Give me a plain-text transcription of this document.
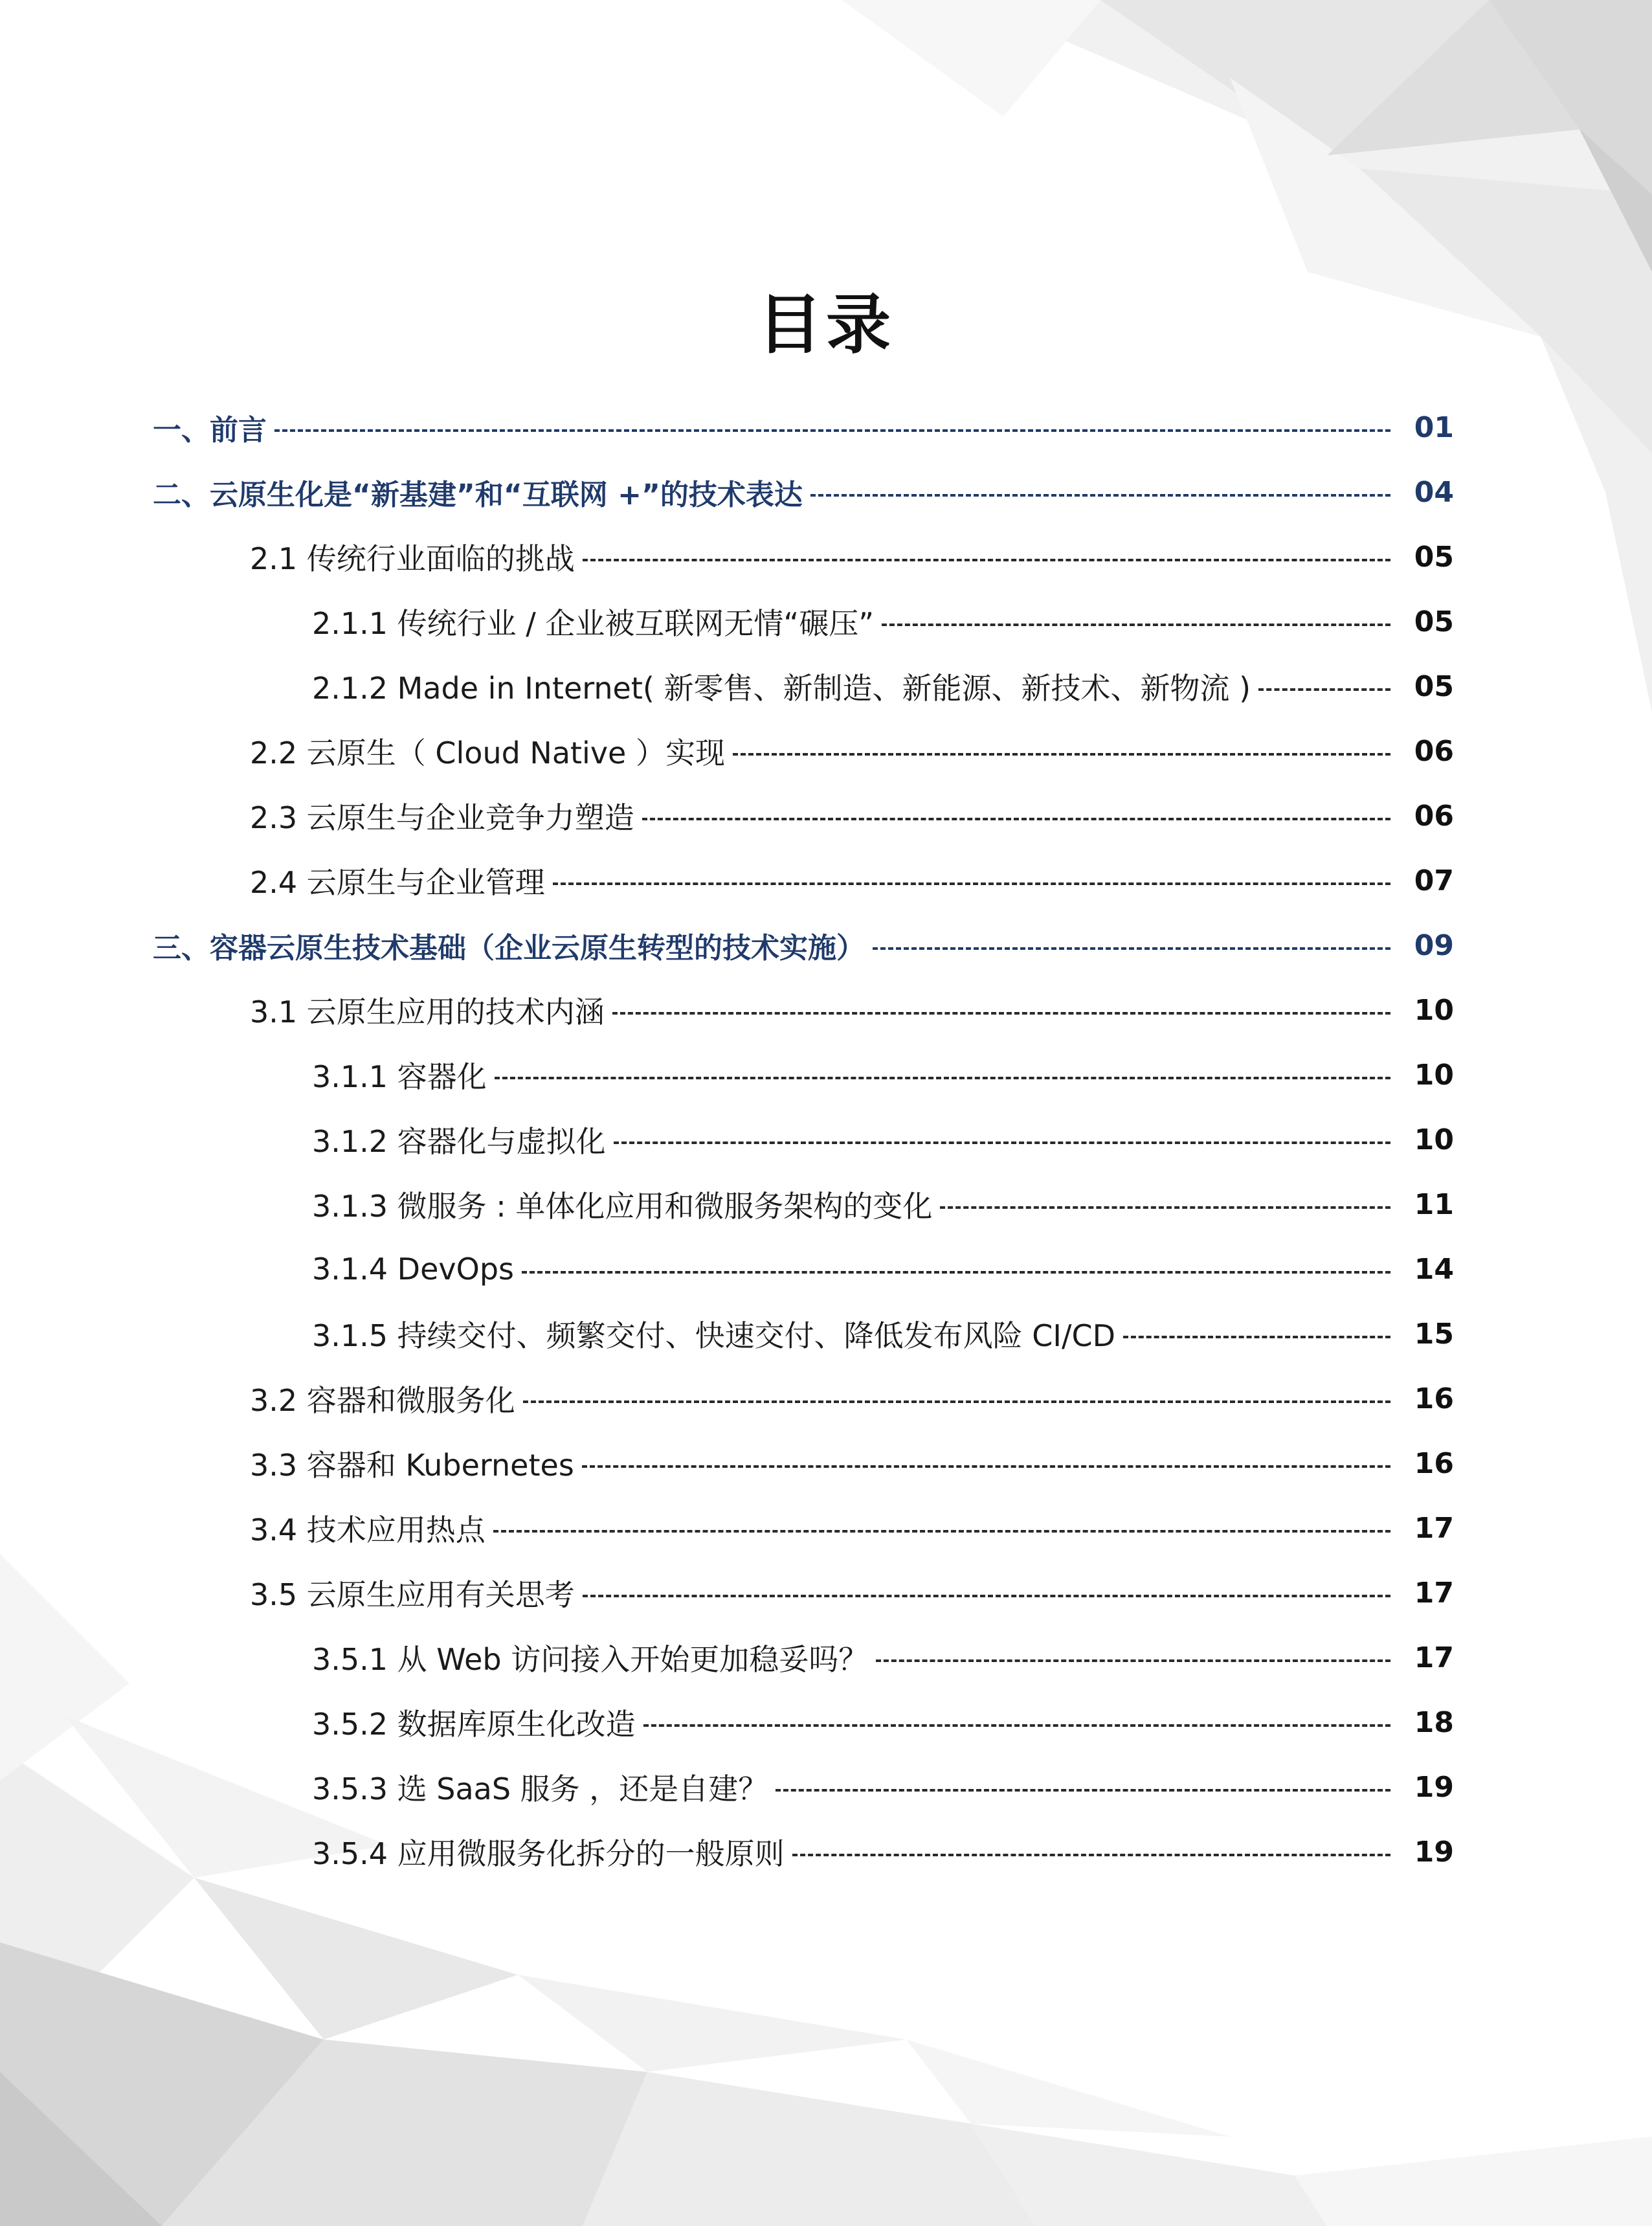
目录
一、前言	01
二、云原生化是“新基建”和“互联网 +”的技术表达	04
2.1 传统行业面临的挑战	05
2.1.1 传统行业 / 企业被互联网无情“碾压”	05
2.1.2 Made in Internet( 新零售、新制造、新能源、新技术、新物流 )	05
2.2 云原生（ Cloud Native ）实现	06
2.3 云原生与企业竞争力塑造	06
2.4 云原生与企业管理	07
三、容器云原生技术基础（企业云原生转型的技术实施）	09
3.1 云原生应用的技术内涵	10
3.1.1 容器化	10
3.1.2 容器化与虚拟化	10
3.1.3 微服务 : 单体化应用和微服务架构的变化	11
3.1.4 DevOps	14
3.1.5 持续交付、频繁交付、快速交付、降低发布风险 CI/CD	15
3.2 容器和微服务化	16
3.3 容器和 Kubernetes	16
3.4 技术应用热点	17
3.5 云原生应用有关思考	17
3.5.1 从 Web 访问接入开始更加稳妥吗？	17
3.5.2 数据库原生化改造	18
3.5.3 选 SaaS 服务 ，还是自建？	19
3.5.4 应用微服务化拆分的一般原则	19
